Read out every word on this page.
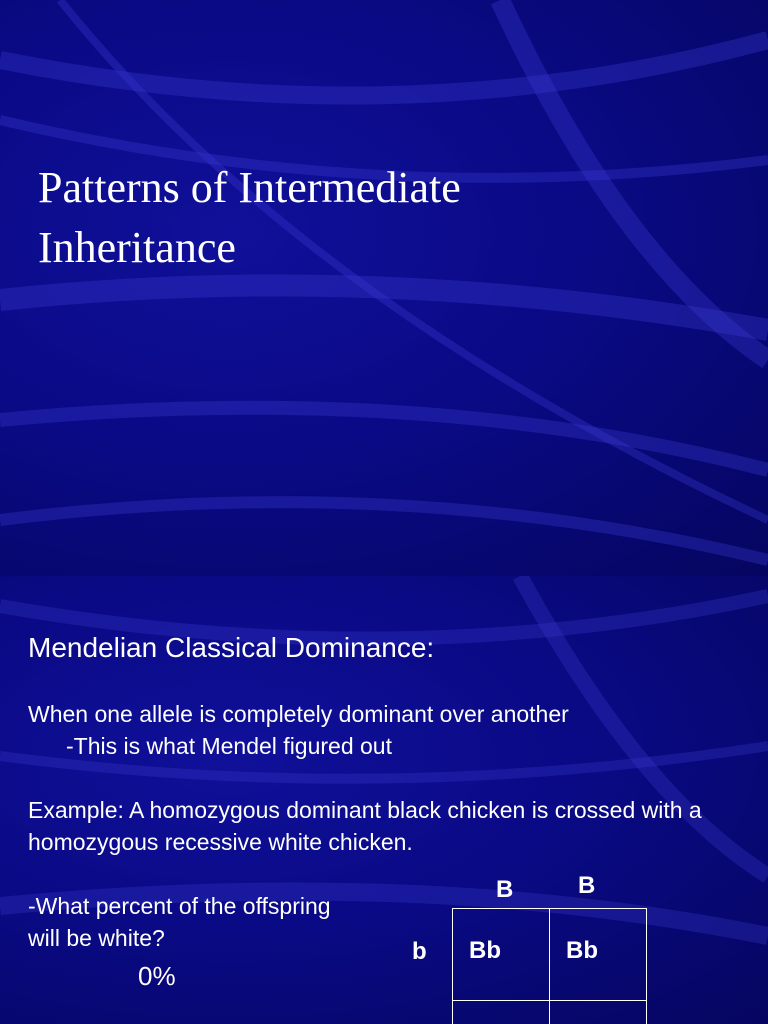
Patterns of Intermediate
Inheritance
Mendelian Classical Dominance:
When one allele is completely dominant over another
-This is what Mendel figured out
Example: A homozygous dominant black chicken is crossed with a homozygous recessive white chicken.
-What percent of the offspring will be white?
0%
B	B
b Bb	Bb
